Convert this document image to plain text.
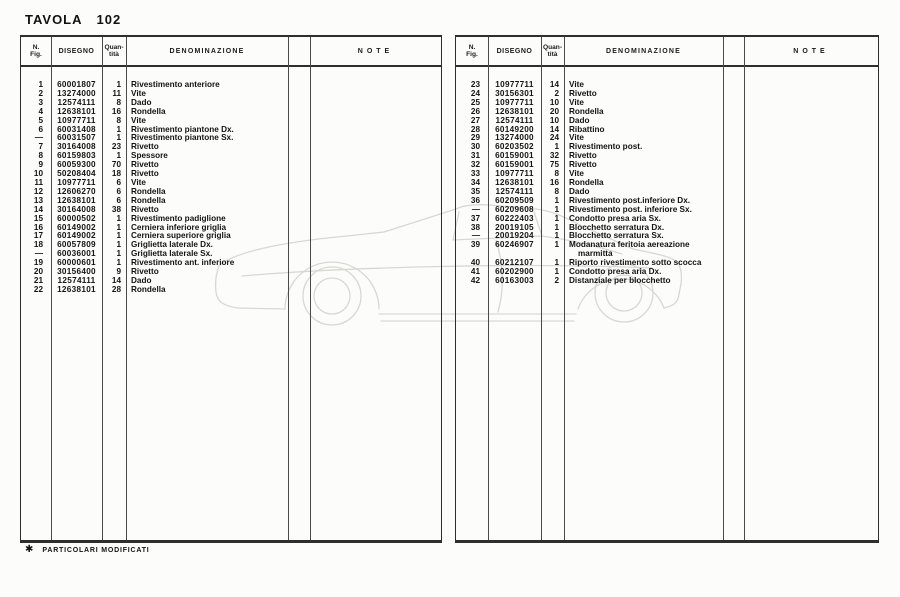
TAVOLA 102
N.
Fig.	DISEGNO
Quan-
tità	DENOMINAZIONE	NOTE
1	60001807	1	Rivestimento anteriore
2	13274000	11	Vite
3	12574111	8	Dado
4	12638101	16	Rondella
5	10977711	8	Vite
6	60031408	1	Rivestimento piantone Dx.
—	60031507	1	Rivestimento piantone Sx.
7	30164008	23	Rivetto
8	60159803	1	Spessore
9	60059300	70	Rivetto
10	50208404	18	Rivetto
11	10977711	6	Vite
12	12606270	6	Rondella
13	12638101	6	Rondella
14	30164008	38	Rivetto
15	60000502	1	Rivestimento padiglione
16	60149002	1	Cerniera inferiore griglia
17	60149002	1	Cerniera superiore griglia
18	60057809	1	Griglietta laterale Dx.
—	60036001	1	Griglietta laterale Sx.
19	60000601	1	Rivestimento ant. inferiore
20	30156400	9	Rivetto
21	12574111	14	Dado
22	12638101	28	Rondella
N.
Fig.	DISEGNO
Quan-
tità	DENOMINAZIONE	NOTE
23	10977711	14	Vite
24	30156301	2	Rivetto
25	10977711	10	Vite
26	12638101	20	Rondella
27	12574111	10	Dado
28	60149200	14	Ribattino
29	13274000	24	Vite
30	60203502	1	Rivestimento post.
31	60159001	32	Rivetto
32	60159001	75	Rivetto
33	10977711	8	Vite
34	12638101	16	Rondella
35	12574111	8	Dado
36	60209509	1	Rivestimento post.inferiore Dx.
—	60209608	1	Rivestimento post. inferiore Sx.
37	60222403	1	Condotto presa aria Sx.
38	20019105	1	Blocchetto serratura Dx.
—	20019204	1	Blocchetto serratura Sx.
39	60246907	1	Modanatura feritoia aereazione
marmitta
40	60212107	1	Riporto rivestimento sotto scocca
41	60202900	1	Condotto presa aria Dx.
42	60163003	2	Distanziale per blocchetto
✱ PARTICOLARI MODIFICATI
